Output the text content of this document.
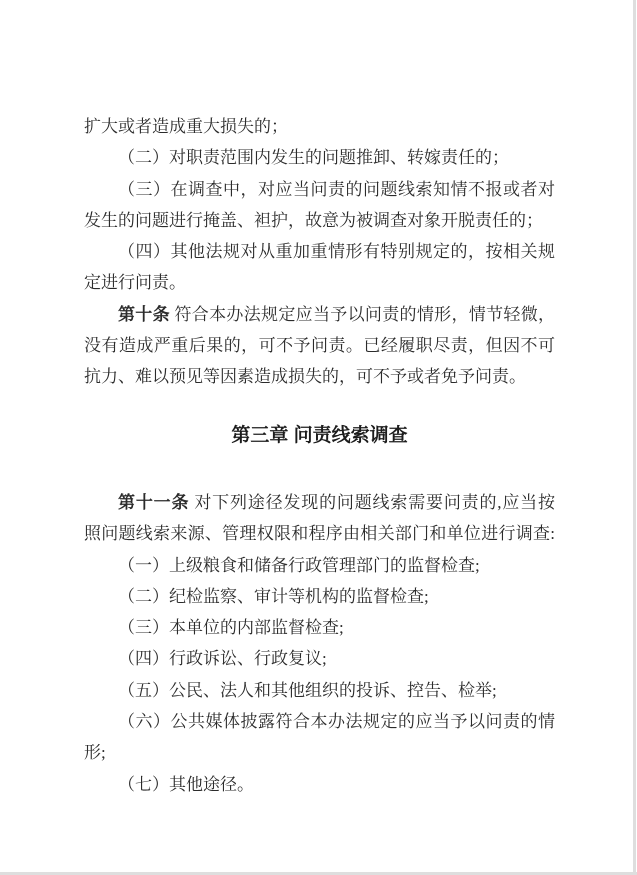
扩大或者造成重大损失的；
（二）对职责范围内发生的问题推卸、转嫁责任的；
（三）在调查中，对应当问责的问题线索知情不报或者对
发生的问题进行掩盖、袒护，故意为被调查对象开脱责任的；
（四）其他法规对从重加重情形有特别规定的，按相关规
定进行问责。
第十条 符合本办法规定应当予以问责的情形，情节轻微，
没有造成严重后果的，可不予问责。已经履职尽责，但因不可
抗力、难以预见等因素造成损失的，可不予或者免予问责。
第三章 问责线索调查
第十一条 对下列途径发现的问题线索需要问责的,应当按
照问题线索来源、管理权限和程序由相关部门和单位进行调查:
（一）上级粮食和储备行政管理部门的监督检查;
（二）纪检监察、审计等机构的监督检查;
（三）本单位的内部监督检查;
（四）行政诉讼、行政复议;
（五）公民、法人和其他组织的投诉、控告、检举;
（六）公共媒体披露符合本办法规定的应当予以问责的情
形;
（七）其他途径。
